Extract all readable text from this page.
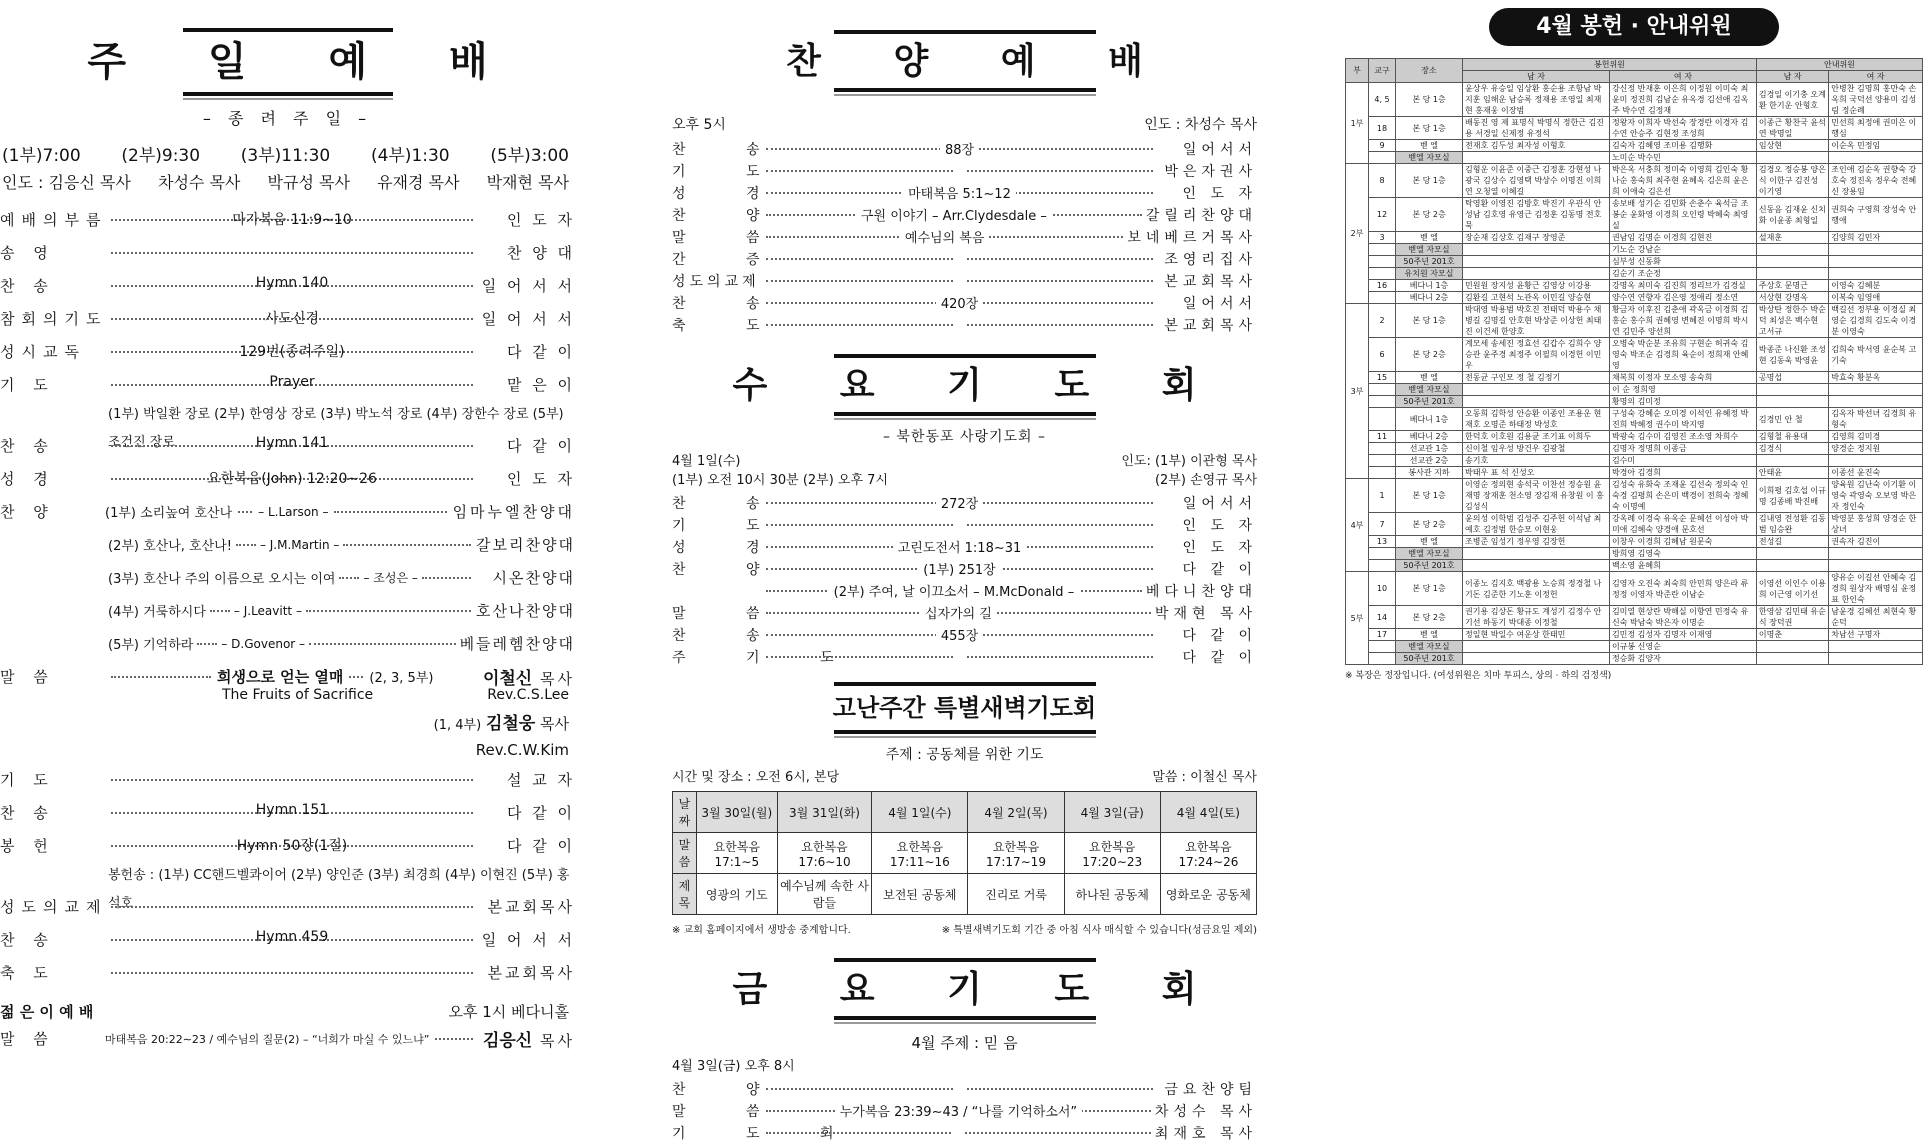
주 일 예 배
– 종 려 주 일 –
(1부)7:00 (2부)9:30 (3부)11:30 (4부)1:30 (5부)3:00
인도 : 김응신 목사 차성수 목사 박규성 목사 유재경 목사 박재현 목사
예배의부름	마가복음 11:9∼10	인 도 자
송 영	찬 양 대
찬 송	Hymn 140	일 어 서 서
참회의기도	사도신경	일 어 서 서
성시교독	129번(종려주일)	다 같 이
기 도	Prayer	맡 은 이
(1부) 박일환 장로 (2부) 한영상 장로 (3부) 박노석 장로 (4부) 장한수 장로 (5부) 조건진 장로
찬 송	Hymn 141	다 같 이
성 경	요한복음(John) 12:20∼26	인 도 자
찬 양	(1부) 소리높여 호산나 – L.Larson –	임마누엘찬양대
(2부) 호산나, 호산나! – J.M.Martin –	갈보리찬양대
(3부) 호산나 주의 이름으로 오시는 이여 – 조성은 –	시온찬양대
(4부) 거룩하시다 – J.Leavitt –	호산나찬양대
(5부) 기억하라 – D.Govenor –	베들레헴찬양대
말 씀	희생으로 얻는 열매 (2, 3, 5부)	이철신 목사
The Fruits of Sacrifice	Rev.C.S.Lee
(1, 4부) 김철웅 목사
Rev.C.W.Kim
기 도	설 교 자
찬 송	Hymn 151	다 같 이
봉 헌	Hymn 50장(1절)	다 같 이
봉헌송 : (1부) CC핸드벨콰이어 (2부) 양인준 (3부) 최경희 (4부) 이현진 (5부) 홍석호
성도의교제	본교회목사
찬 송	Hymn 459	일 어 서 서
축 도	본교회목사
젊 은 이 예 배	오후 1시 베다니홀
말 씀	마태복음 20:22∼23 / 예수님의 질문(2) – “너희가 마실 수 있느냐”	김응신 목사
찬 양 예 배
오후 5시	인도 : 차성수 목사
찬 송	88장	일어서서
기 도	박은자권사
성 경	마태복음 5:1∼12	인 도 자
찬 양	구원 이야기 – Arr.Clydesdale –	갈릴리찬양대
말 씀	예수님의 복음	보네베르거목사
간 증	조영리집사
성도의교제	본교회목사
찬 송	420장	일어서서
축 도	본교회목사
수 요 기 도 회
– 북한동포 사랑기도회 –
4월 1일(수)	인도: (1부) 이관형 목사
(1부) 오전 10시 30분 (2부) 오후 7시	(2부) 손영규 목사
찬 송	272장	일어서서
기 도	인 도 자
성 경	고린도전서 1:18∼31	인 도 자
찬 양	(1부) 251장	다 같 이
(2부) 주여, 날 이끄소서 – M.McDonald –	베다니찬양대
말 씀	십자가의 길	박재현 목사
찬 송	455장	다 같 이
주 기 도	다 같 이
고난주간 특별새벽기도회
주제 : 공동체를 위한 기도
시간 및 장소 : 오전 6시, 본당	말씀 : 이철신 목사
날짜	3월 30일(월)	3월 31일(화)	4월 1일(수)	4월 2일(목)	4월 3일(금)	4월 4일(토)
말씀	요한복음 17:1∼5	요한복음 17:6∼10	요한복음 17:11∼16	요한복음 17:17∼19	요한복음 17:20∼23	요한복음 17:24∼26
제목	영광의 기도	예수님께 속한 사람들	보전된 공동체	진리로 거룩	하나된 공동체	영화로운 공동체
※ 교회 홈페이지에서 생방송 중계합니다.	※ 특별새벽기도회 기간 중 아침 식사 매식할 수 있습니다(성금요일 제외)
금 요 기 도 회
4월 주제 : 믿 음
4월 3일(금) 오후 8시
찬 양	금요찬양팀
말 씀	누가복음 23:39∼43 / “나를 기억하소서”	차성수 목사
기 도 회	최재호 목사
4월 봉헌 · 안내위원
부	교구	장소	봉헌위원		안내위원	
			남 자	여 자	남 자	여 자
1부	4, 5	본 당 1층	윤상우 유승일 임상환 홍순용 조항남 박지훈 임해운 남승록 정재용 조영일 최재현 홍재웅 이장범	강신정 반재훈 이은희 이정원 이미숙 최윤미 정진희 김남순 유옥경 김선애 김옥주 박수연 김정재	김경일 이기충 오계환 한기운 안형호	안병찬 김명희 홍만숙 손옥희 국덕선 양용미 김성림 정순례
	18	본 당 1층	배동진 영 제 표명식 박명식 정한근 김진용 서경일 신제정 유정석	정왕자 이희자 박선숙 장경란 이경자 김수연 안승주 김현정 조성희	이종근 황찬국 윤석연 박명일	민선희 최정애 권미은 이행심
	9	벧 엘	전재호 김두성 최자성 이형호	김숙자 김혜영 조미용 김행화	임상현	이순옥 민정임
		벧엘 자모실		노미순 박수민		
2부	8	본 당 1층	김형운 이윤준 이중근 김정훈 강현성 나광국 김상수 김영택 박상수 이명진 이희연 오청열 이혜길	박은옥 서충희 정미숙 이영희 김인숙 황나순 홍숙희 최주현 윤혜옥 김은희 윤은희 이애숙 김은선	김경오 정승봉 양은식 이한구 김진성 이기영	조인애 김순옥 권향숙 강호숙 정진옥 정우숙 전혜신 장용임
	12	본 당 2층	탁영환 이영진 김방호 박진기 우관식 안성남 김호영 유영근 김정훈 김동명 전호묵	송보배 성기순 김민화 손춘수 육석금 조봉순 윤화영 이경희 오인령 박혜숙 최영실	신동음 김재윤 신치화 이윤종 최형일	권희숙 구영희 장성숙 안행애
	3	벧 엘	장순재 김상호 김재구 장영준	권남임 김명순 이경희 김현진	설재훈	김양희 김민자
		벧엘 자모실		기노순 강남순		
		50주년 201호		심부성 신동화		
		유치원 자모실		김순기 조순정		
	16	베다니 1층	민원원 장지성 윤황근 김영상 이강용	강명옥 최미숙 김진희 정리브가 김경실	주상호 문명근	이영숙 김혜분
		베다니 2층	김환길 고현석 노관옥 이민길 양승현	양수연 연향자 김은영 정애리 정소연	서상현 강명옥	이복숙 임영애
3부	2	본 당 1층	박대영 박용범 박호진 전태덕 박용수 채병길 김명길 안호현 박상준 이상헌 최태진 이건세 한양호	황금자 이후진 김춘애 곽옥금 이경희 김홍순 홍수희 권혜영 변혜진 이명희 박시연 김민주 양선희	박상탄 정한수 박순덕 최성은 백수현 고서규	백길선 정부용 이경실 최영순 김경희 김도숙 이경분 이영숙
	6	본 당 2층	계모세 송세진 정효선 김갑수 김희수 양승관 윤주경 최정주 이필희 이경헌 이민우	오병숙 박순분 조유희 구현순 허귀숙 김영숙 박조순 김경희 육순이 정희재 안혜영	박종준 나신환 조성현 김동욱 박영윤	김희숙 박서영 윤순복 고기숙
	15	벧 엘	전동균 구인모 정 철 김정기	채복희 이정자 모소영 송숙희	공명섭	박효숙 황분옥
		벧엘 자모실		이 순 정희영		
		50주년 201호		황명의 김미정		
		베다니 1층	오동희 김학성 안승환 이종인 조용운 현재호 오명준 하태정 박성호	구성숙 강혜순 오미경 이석인 유혜정 박진희 박혜정 권수미 박지영	김경민 안 철	김옥자 박선녀 김경희 유형숙
	11	베다니 2층	한덕호 이호원 김용균 조기표 이희두	박광숙 김수미 김영진 조소영 차희수	김형철 유용대	김영희 김미경
		선교관 1층	신이철 임우성 방건우 김광철	김명자 정명희 이종금	김경식	양경순 정지원
		선교관 2층	송기호	김수미		
		봉사관 지하	박태우 표 석 신성오	박경아 김경희	안태윤	이종선 윤진숙
4부	1	본 당 1층	이영순 정의현 송석국 이찬선 정승원 윤재명 장재훈 천소영 장김재 유창원 이 홍 김성식	김성숙 유화숙 조재윤 김선숙 정의숙 인숙경 김평희 손은미 백경이 전희숙 정혜숙 이명예	이희평 김호섭 이규명 김종배 박진배	양육원 김난숙 이기환 이영숙 곽영숙 오보영 박은자 정인숙
	7	본 당 2층	윤의성 이학범 김성주 김주헌 이석남 최예호 김정범 한승모 이현웅	강옥례 이경숙 유옥순 문혜선 이성아 박미애 김혜숙 양경애 문호선	김내영 전성환 김동범 임승완	박영분 홍성희 양경순 한상녀
	13	벧 엘	조병준 임성기 정우영 김장헌	이창우 이경희 김혜남 원문숙	전성길	권속자 김진이
		벧엘 자모실		방희영 김영숙		
		50주년 201호		백소영 윤혜희		
5부	10	본 당 1층	이종노 김지호 백광용 노승희 정경철 나기돈 김준한 기노훈 이정헌	김영자 오진숙 최숙희 안민희 양은라 류정정 이영자 박준란 이남순	이영선 이인수 이용희 이근영 이기선	양유순 이길선 안혜숙 김경희 원상자 배명심 윤정표 한인숙
	14	본 당 2층	권기용 김상돈 황규도 계성기 김정수 안기선 하동기 박대종 이정철	김미열 현상란 박해실 이향연 민정숙 유신숙 박남숙 박은자 이명순	한영삼 김민태 유순식 장덕권	남윤경 김혜선 최현숙 황순덕
	17	벧 엘	정일현 박일수 여운상 한태민	김민정 김성자 김명자 이재영	이명춘	차남선 구명자
		벧엘 자모실		이규봉 신영순		
		50주년 201호		정승화 김양자		
※ 복장은 정장입니다. (여성위원은 치마 투피스, 상의 · 하의 검정색)
